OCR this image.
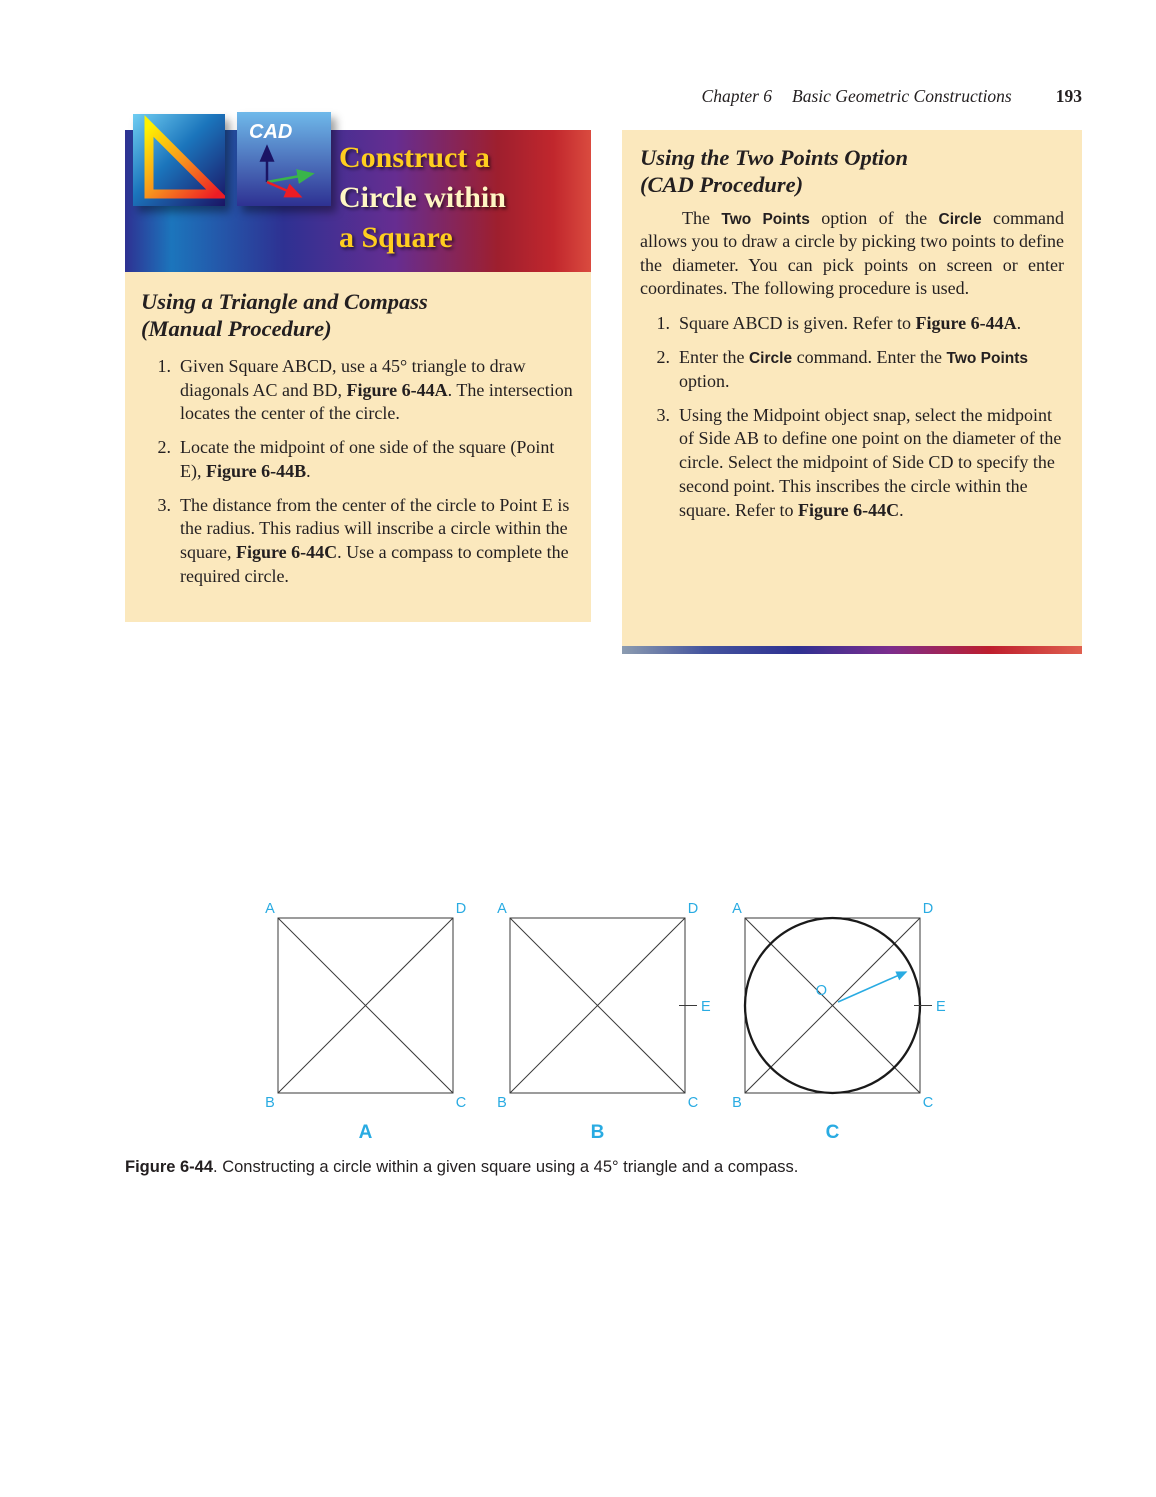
Chapter 6 Basic Geometric Constructions	193
CAD
Construct a
Circle within
a Square
Using a Triangle and Compass
(Manual Procedure)
1. Given Square ABCD, use a 45° triangle to draw diagonals AC and BD, Figure 6-44A. The intersection locates the center of the circle.
2. Locate the midpoint of one side of the square (Point E), Figure 6-44B.
3. The distance from the center of the circle to Point E is the radius. This radius will inscribe a circle within the square, Figure 6-44C. Use a compass to complete the required circle.
Using the Two Points Option
(CAD Procedure)

The Two Points option of the Circle command allows you to draw a circle by picking two points to define the diameter. You can pick points on screen or enter coordinates. The following procedure is used.

1. Square ABCD is given. Refer to Figure 6-44A.
2. Enter the Circle command. Enter the Two Points option.
3. Using the Midpoint object snap, select the midpoint of Side AB to define one point on the diameter of the circle. Select the midpoint of Side CD to specify the second point. This inscribes the circle within the square. Refer to Figure 6-44C.
A	D
B	C
A
A	D
B	C
E
B
A	D
B	C
E
O
C
Figure 6-44. Constructing a circle within a given square using a 45° triangle and a compass.
